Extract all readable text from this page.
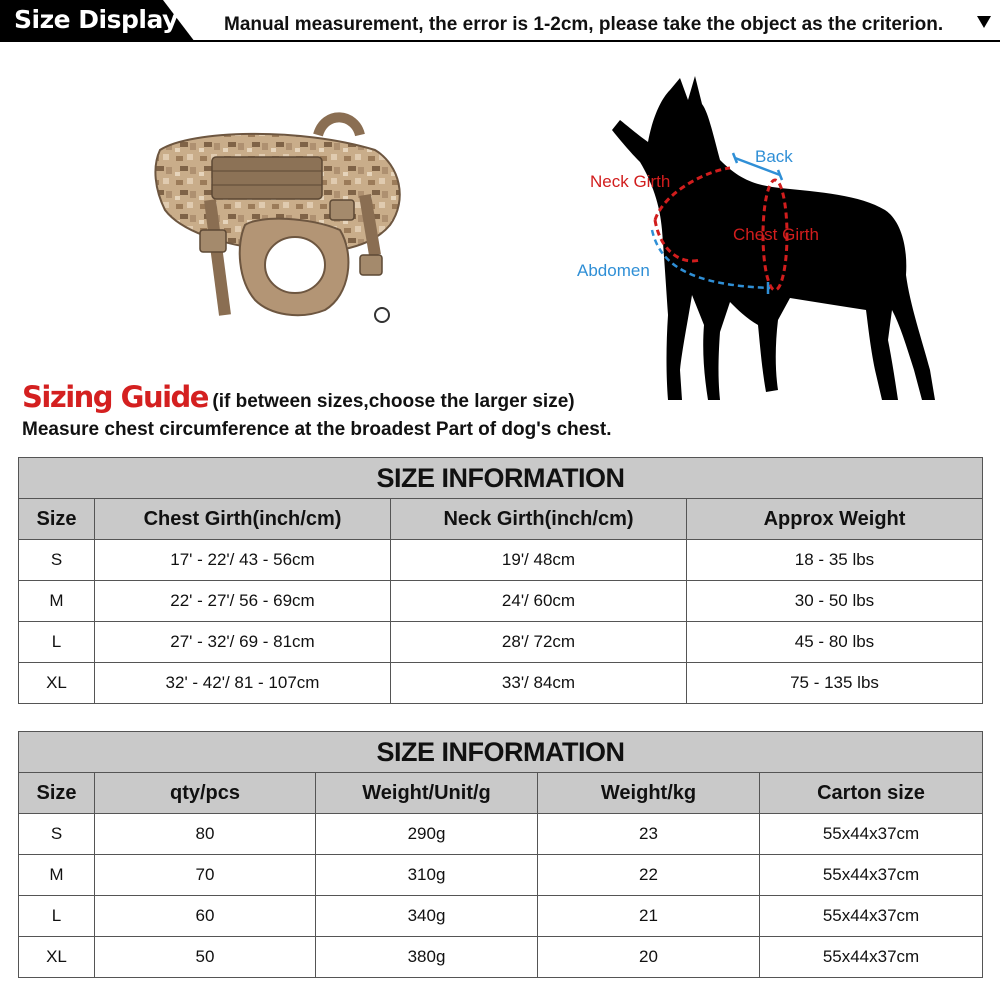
Size Display Manual measurement, the error is 1-2cm, please take the object as the criterion.
Back
Neck Girth
Chest Girth
Abdomen
Sizing Guide (if between sizes,choose the larger size)
Measure chest circumference at the broadest Part of dog's chest.
SIZE INFORMATION			
Size	Chest Girth(inch/cm)	Neck Girth(inch/cm)	Approx Weight
S	17' - 22'/ 43 - 56cm	19'/ 48cm	18 - 35 lbs
M	22' - 27'/ 56 - 69cm	24'/ 60cm	30 - 50 lbs
L	27' - 32'/ 69 - 81cm	28'/ 72cm	45 - 80 lbs
XL	32' - 42'/ 81 - 107cm	33'/ 84cm	75 - 135 lbs
SIZE INFORMATION				
Size	qty/pcs	Weight/Unit/g	Weight/kg	Carton size
S	80	290g	23	55x44x37cm
M	70	310g	22	55x44x37cm
L	60	340g	21	55x44x37cm
XL	50	380g	20	55x44x37cm
